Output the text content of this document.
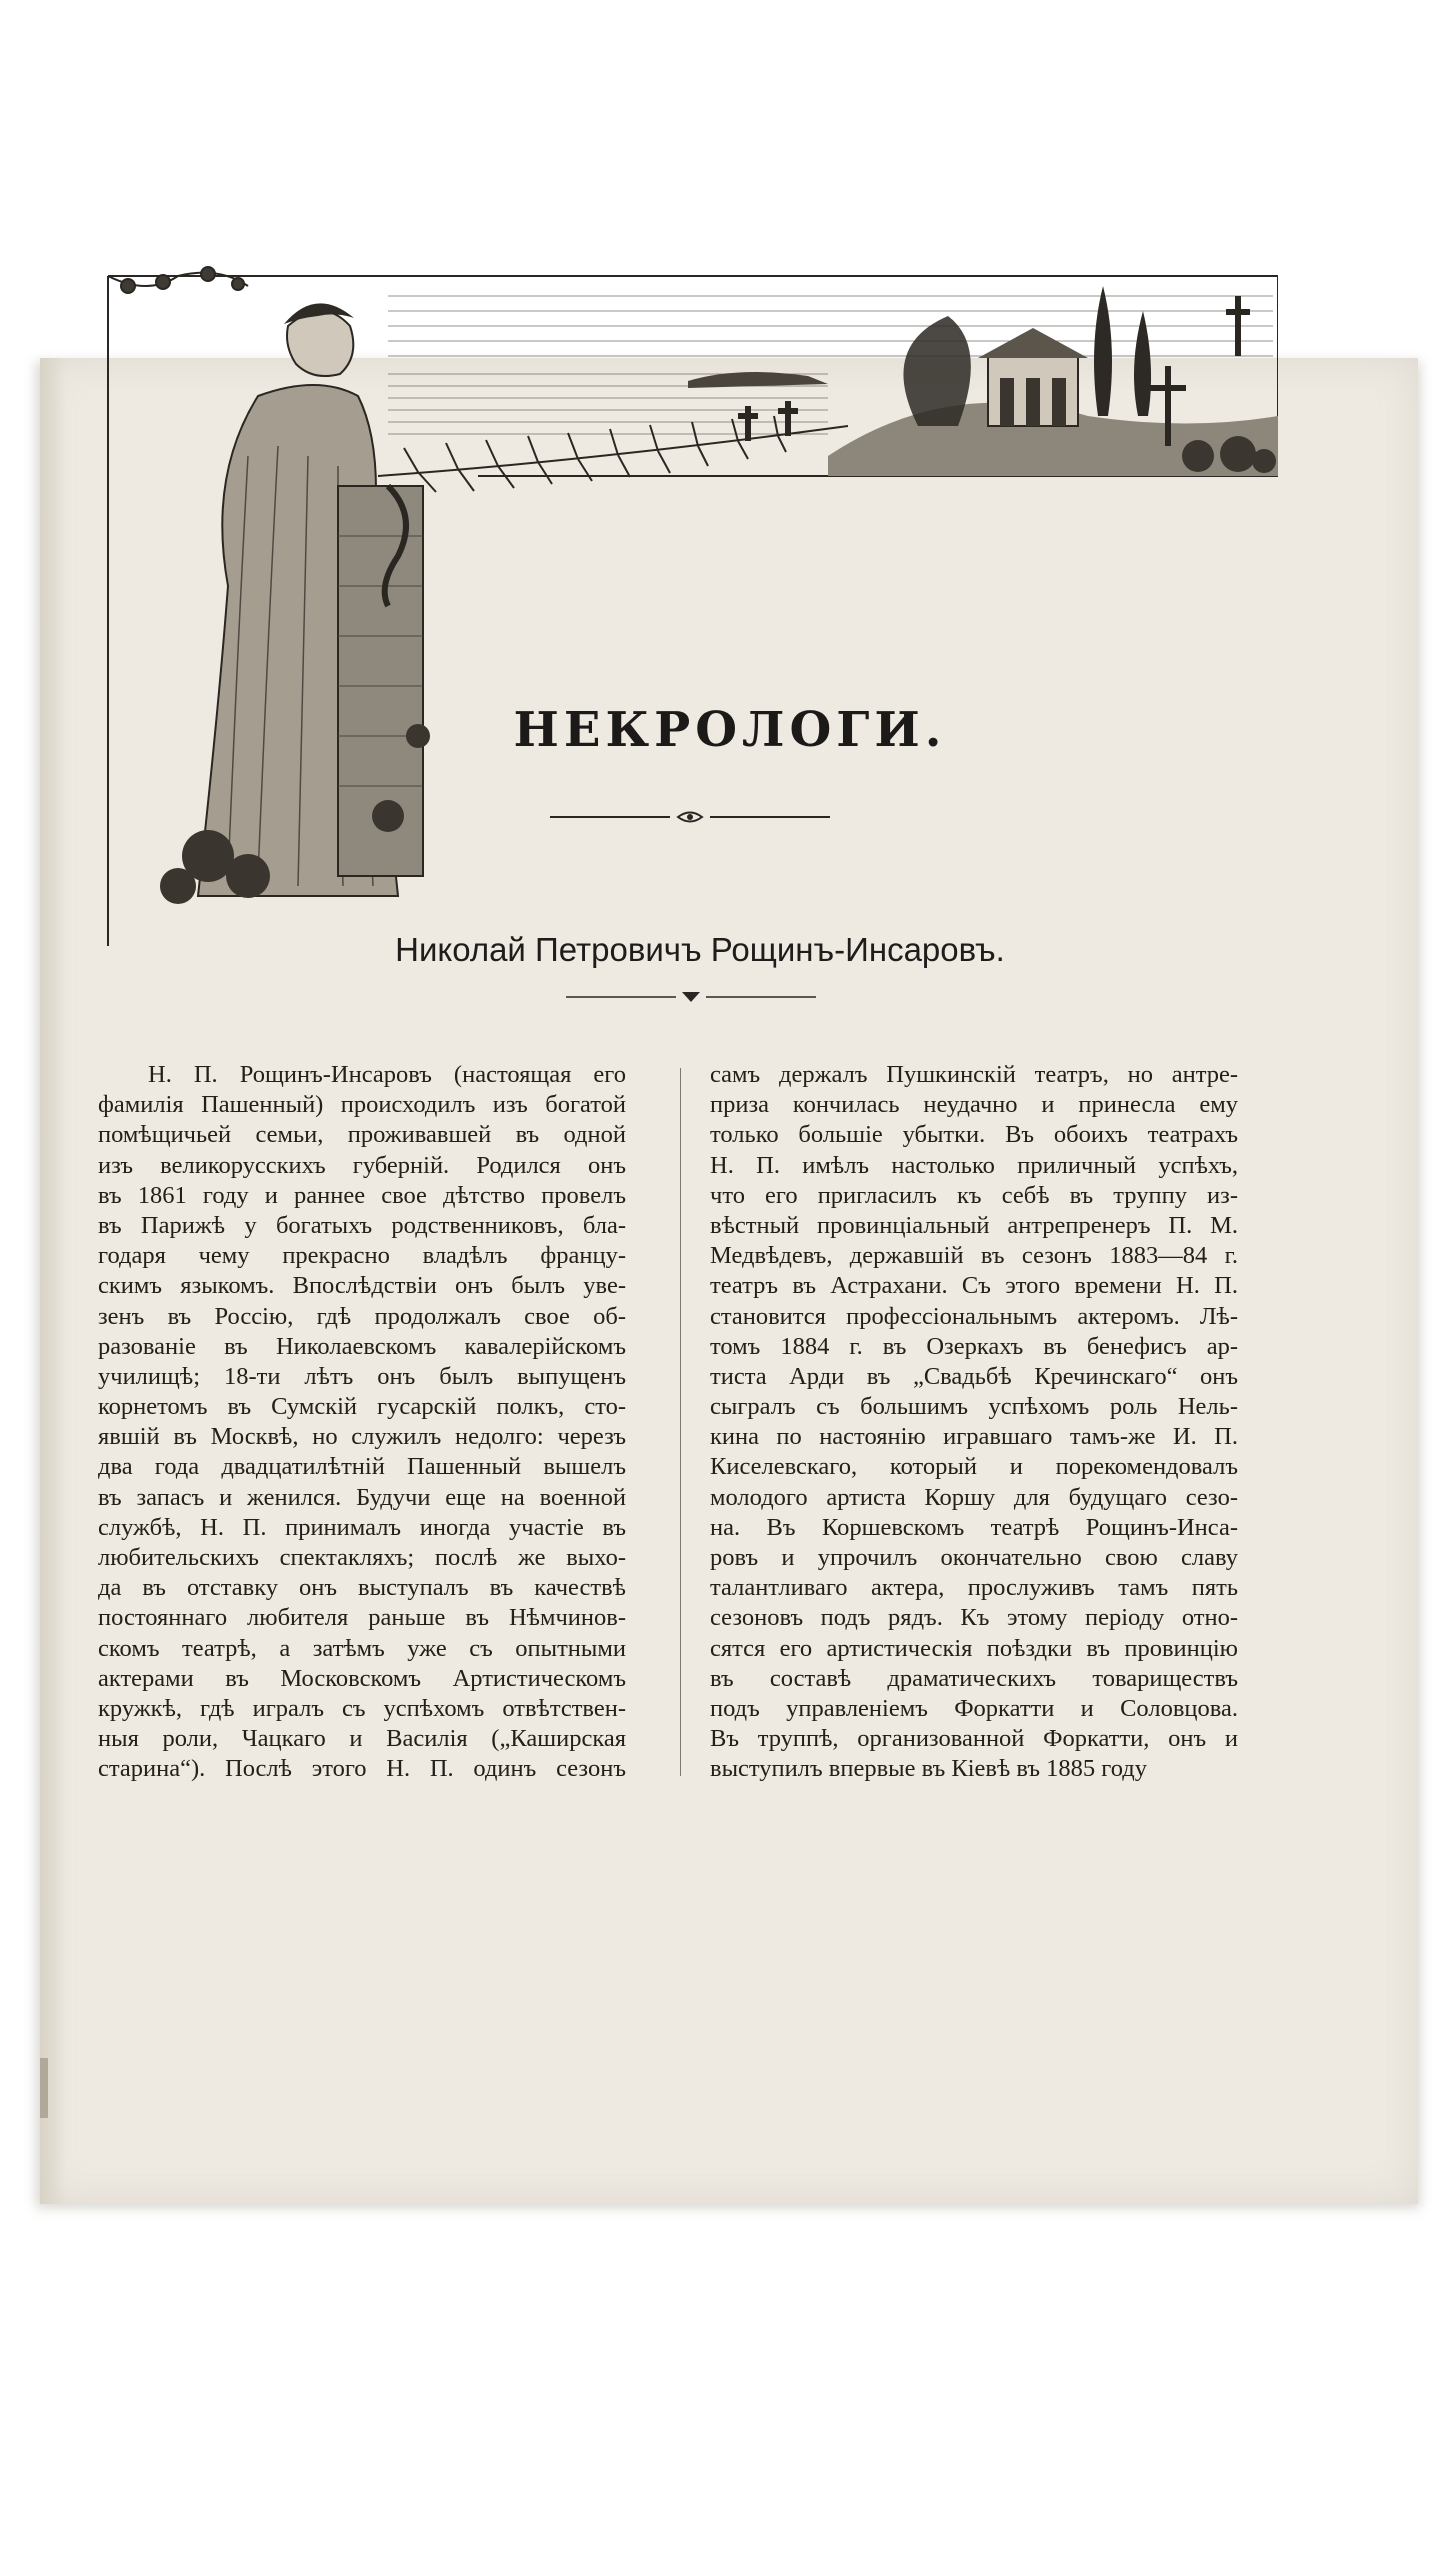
НЕКРОЛОГИ.
Николай Петровичъ Рощинъ-Инсаровъ.
Н. П. Рощинъ-Инсаровъ (настоящая его
фамилія Пашенный) происходилъ изъ богатой
помѣщичьей семьи, проживавшей въ одной
изъ великорусскихъ губерній. Родился онъ
въ 1861 году и раннее свое дѣтство провелъ
въ Парижѣ у богатыхъ родственниковъ, бла-
годаря чему прекрасно владѣлъ францу-
скимъ языкомъ. Впослѣдствіи онъ былъ уве-
зенъ въ Россію, гдѣ продолжалъ свое об-
разованіе въ Николаевскомъ кавалерійскомъ
училищѣ; 18-ти лѣтъ онъ былъ выпущенъ
корнетомъ въ Сумскій гусарскій полкъ, сто-
явшій въ Москвѣ, но служилъ недолго: черезъ
два года двадцатилѣтній Пашенный вышелъ
въ запасъ и женился. Будучи еще на военной
службѣ, Н. П. принималъ иногда участіе въ
любительскихъ спектакляхъ; послѣ же выхо-
да въ отставку онъ выступалъ въ качествѣ
постояннаго любителя раньше въ Нѣмчинов-
скомъ театрѣ, а затѣмъ уже съ опытными
актерами въ Московскомъ Артистическомъ
кружкѣ, гдѣ игралъ съ успѣхомъ отвѣтствен-
ныя роли, Чацкаго и Василія („Каширская
старина“). Послѣ этого Н. П. одинъ сезонъ
самъ держалъ Пушкинскій театръ, но антре-
приза кончилась неудачно и принесла ему
только большіе убытки. Въ обоихъ театрахъ
Н. П. имѣлъ настолько приличный успѣхъ,
что его пригласилъ къ себѣ въ труппу из-
вѣстный провинціальный антрепренеръ П. М.
Медвѣдевъ, державшій въ сезонъ 1883—84 г.
театръ въ Астрахани. Съ этого времени Н. П.
становится профессіональнымъ актеромъ. Лѣ-
томъ 1884 г. въ Озеркахъ въ бенефисъ ар-
тиста Арди въ „Свадьбѣ Кречинскаго“ онъ
сыгралъ съ большимъ успѣхомъ роль Нель-
кина по настоянію игравшаго тамъ-же И. П.
Киселевскаго, который и порекомендовалъ
молодого артиста Коршу для будущаго сезо-
на. Въ Коршевскомъ театрѣ Рощинъ-Инса-
ровъ и упрочилъ окончательно свою славу
талантливаго актера, прослуживъ тамъ пять
сезоновъ подъ рядъ. Къ этому періоду отно-
сятся его артистическія поѣздки въ провинцію
въ составѣ драматическихъ товариществъ
подъ управленіемъ Форкатти и Соловцова.
Въ труппѣ, организованной Форкатти, онъ и
выступилъ впервые въ Кіевѣ въ 1885 году
